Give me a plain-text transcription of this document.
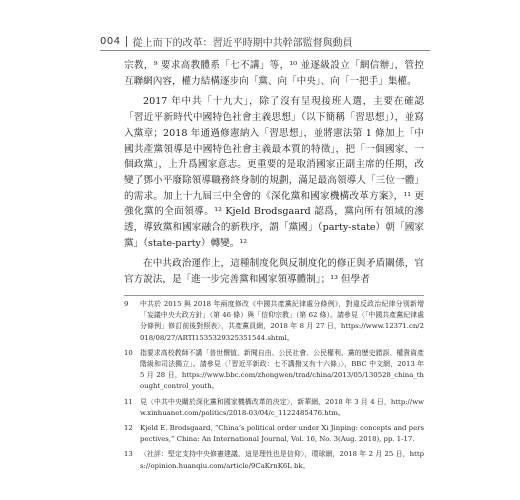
004 從上而下的改革：習近平時期中共幹部監督與動員

宗教，⁹ 要求高教體系「七不講」等，¹⁰ 並逐級設立「網信辦」，管控互聯網內容，權力結構逐步向「黨、向「中央」、向「一把手」集權。

2017 年中共「十九大」，除了沒有呈現接班人選，主要在確認「習近平新時代中國特色社會主義思想」（以下簡稱「習思想」），並寫入黨章；2018 年通過修憲納入「習思想」，並將憲法第 1 條加上「中國共產黨領導是中國特色社會主義最本質的特徵」，把「一個國家、一個政黨」，上升爲國家意志。更重要的是取消國家正副主席的任期，改變了鄧小平廢除領導職務終身制的規劃，滿足最高領導人「三位一體」的需求。加上十九屆三中全會的《深化黨和國家機構改革方案》，¹¹ 更強化黨的全面領導。¹² Kjeld Brodsgaard 認爲，黨向所有領域的滲透，導致黨和國家融合的新秩序，謂「黨國」（party-state）朝「國家黨」（state-party）轉變。¹²

在中共政治運作上，這種制度化與反制度化的修正與矛盾關係，官官方說法，是「進一步完善黨和國家領導體制」；¹³ 但學者

9	中共於 2015 與 2018 年兩度修改《中國共產黨紀律處分條例》，對違反政治紀律分別新增「妄議中央大政方針」（第 46 條）與「信仰宗教」（第 62 條）。請參見〈「中國共產黨紀律處分條例」修訂前後對照表〉，共產黨員網，2018 年 8 月 27 日，https://www.12371.cn/2018/08/27/ARTI1535329325351544.shtml。
10	指要求高校教師不講「普世價值、新聞自由、公民社會、公民權利、黨的歷史錯誤、權貴資產階級和司法獨立」。請參見〈「習近平新政：七不講撥又有十六條」〉，BBC 中文網，2013 年 5 月 28 日，https://www.bbc.com/zhongwen/trad/china/2013/05/130528_china_thought_control_youth。
11	見〈中共中央關於深化黨和國家機構改革的決定〉，新華網，2018 年 3 月 4 日，http://www.xinhuanet.com/politics/2018-03/04/c_1122485476.htm。
12	Kjeld E. Brodsgaard, “China’s political order under Xi Jinping: concepts and perspectives,” China: An International Journal, Vol. 16, No. 3(Aug. 2018), pp. 1-17.
13	〈社評：堅定支持中央修憲建議，這是理性也是信仰〉，環球網，2018 年 2 月 25 日，https://opinion.huanqiu.com/article/9CaKrnK6L bk。
